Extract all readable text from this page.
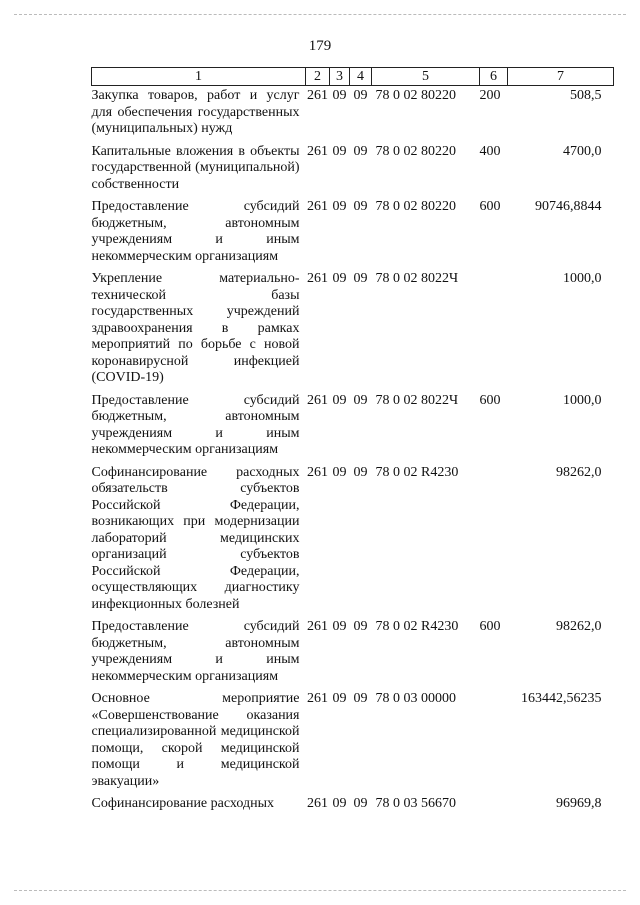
179
1	2	3	4	5	6	7
Закупка товаров, работ и услуг для обеспечения государственных (муниципальных) нужд	261	09	09	78 0 02 80220	200	508,5
Капитальные вложения в объекты государственной (муниципальной) собственности	261	09	09	78 0 02 80220	400	4700,0
Предоставление субсидий бюджетным, автономным учреждениям и иным некоммерческим организациям	261	09	09	78 0 02 80220	600	90746,8844
Укрепление материально-технической базы государственных учреждений здравоохранения в рамках мероприятий по борьбе с новой коронавирусной инфекцией (COVID-19)	261	09	09	78 0 02 8022Ч		1000,0
Предоставление субсидий бюджетным, автономным учреждениям и иным некоммерческим организациям	261	09	09	78 0 02 8022Ч	600	1000,0
Софинансирование расходных обязательств субъектов Российской Федерации, возникающих при модернизации лабораторий медицинских организаций субъектов Российской Федерации, осуществляющих диагностику инфекционных болезней	261	09	09	78 0 02 R4230		98262,0
Предоставление субсидий бюджетным, автономным учреждениям и иным некоммерческим организациям	261	09	09	78 0 02 R4230	600	98262,0
Основное мероприятие «Совершенствование оказания специализированной медицинской помощи, скорой медицинской помощи и медицинской эвакуации»	261	09	09	78 0 03 00000		163442,56235
Софинансирование расходных	261	09	09	78 0 03 56670		96969,8
